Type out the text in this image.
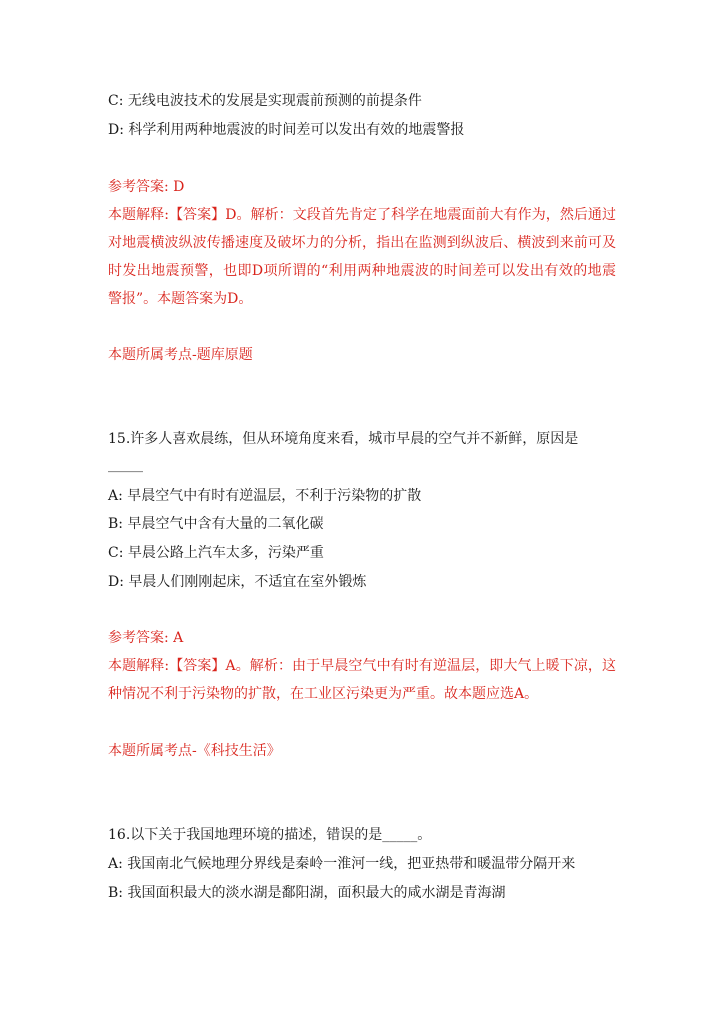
C: 无线电波技术的发展是实现震前预测的前提条件
D: 科学利用两种地震波的时间差可以发出有效的地震警报
参考答案: D
本题解释:【答案】D。解析：文段首先肯定了科学在地震面前大有作为，然后通过对地震横波纵波传播速度及破坏力的分析，指出在监测到纵波后、横波到来前可及时发出地震预警，也即D项所谓的“利用两种地震波的时间差可以发出有效的地震警报”。本题答案为D。
本题所属考点-题库原题
15.许多人喜欢晨练，但从环境角度来看，城市早晨的空气并不新鲜，原因是
_____
A: 早晨空气中有时有逆温层，不利于污染物的扩散
B: 早晨空气中含有大量的二氧化碳
C: 早晨公路上汽车太多，污染严重
D: 早晨人们刚刚起床，不适宜在室外锻炼
参考答案: A
本题解释:【答案】A。解析：由于早晨空气中有时有逆温层，即大气上暖下凉，这种情况不利于污染物的扩散，在工业区污染更为严重。故本题应选A。
本题所属考点-《科技生活》
16.以下关于我国地理环境的描述，错误的是_____。
A: 我国南北气候地理分界线是秦岭一淮河一线，把亚热带和暖温带分隔开来
B: 我国面积最大的淡水湖是鄱阳湖，面积最大的咸水湖是青海湖
